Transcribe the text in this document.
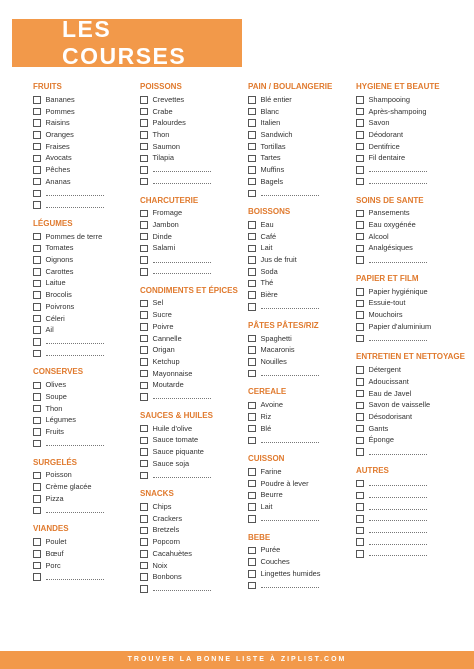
LES COURSES
FRUITS
Bananes
Pommes
Raisins
Oranges
Fraises
Avocats
Pêches
Ananas
LÉGUMES
Pommes de terre
Tomates
Oignons
Carottes
Laitue
Brocolis
Poivrons
Céleri
Ail
CONSERVES
Olives
Soupe
Thon
Légumes
Fruits
SURGELÉS
Poisson
Crème glacée
Pizza
VIANDES
Poulet
Bœuf
Porc
POISSONS
Crevettes
Crabe
Palourdes
Thon
Saumon
Tilapia
CHARCUTERIE
Fromage
Jambon
Dinde
Salami
CONDIMENTS ET ÉPICES
Sel
Sucre
Poivre
Cannelle
Origan
Ketchup
Mayonnaise
Moutarde
SAUCES & HUILES
Huile d'olive
Sauce tomate
Sauce piquante
Sauce soja
SNACKS
Chips
Crackers
Bretzels
Popcorn
Cacahuètes
Noix
Bonbons
PAIN / BOULANGERIE
Blé entier
Blanc
Italien
Sandwich
Tortillas
Tartes
Muffins
Bagels
BOISSONS
Eau
Café
Lait
Jus de fruit
Soda
Thé
Bière
PÂTES PÂTES/RIZ
Spaghetti
Macaronis
Nouilles
CEREALE
Avoine
Riz
Blé
CUISSON
Farine
Poudre à lever
Beurre
Lait
BEBE
Purée
Couches
Lingettes humides
HYGIENE ET BEAUTE
Shampooing
Après-shampoing
Savon
Déodorant
Dentifrice
Fil dentaire
SOINS DE SANTE
Pansements
Eau oxygénée
Alcool
Analgésiques
PAPIER ET FILM
Papier hygiénique
Essuie-tout
Mouchoirs
Papier d'aluminium
ENTRETIEN ET NETTOYAGE
Détergent
Adoucissant
Eau de Javel
Savon de vaisselle
Désodorisant
Gants
Éponge
AUTRES
TROUVER LA BONNE LISTE À ZIPLIST.COM
